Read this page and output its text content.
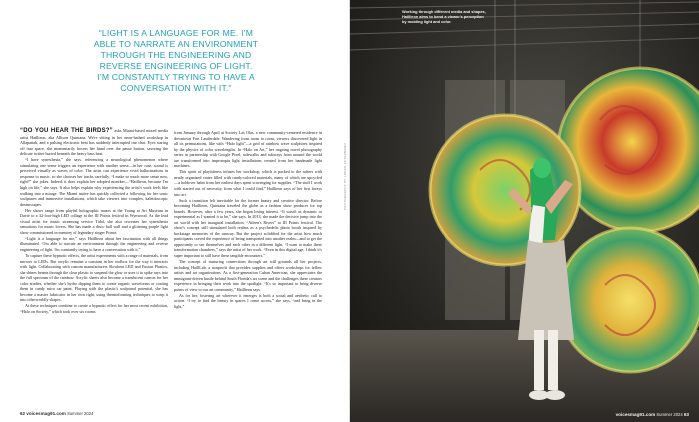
“LIGHT IS A LANGUAGE FOR ME. I’M
ABLE TO NARRATE AN ENVIRONMENT
THROUGH THE ENGINEERING AND
REVERSE ENGINEERING OF LIGHT.
I’M CONSTANTLY TRYING TO HAVE A
CONVERSATION WITH IT.”

“DO YOU HEAR THE BIRDS?” asks Miami-based mixed media artist Haillieon, aka Allison Quintana. We're sitting in her neon-bathed workshop in Allapattah, and a pulsing electronic beat has suddenly interrupted our chat. Eyes staring off into space, she momentarily hovers her hand over the pause button, savoring the delicate twitter buried beneath the heavy bass beat.

“I have synesthesia,” she says, referencing a neurological phenomenon where stimulating one sense triggers an experience with another sense—in her case, sound is perceived visually as waves of color. The artist can experience vivid hallucinations in response to music, so she chooses her tracks carefully. “I make so much more sense now, right?” she jokes. Indeed, it does explain her adopted moniker—“Haillieon, because I'm high on life,” she says. It also helps explain why experiencing the artist's work feels like walking into a mirage. The Miami native has quickly collected a following for her sonic sculptures and immersive installations, which take viewers into complex, kaleidoscopic dreamscapes.

Her shows range from playful holographic mazes at the Young at Art Museum in Davie to a 32-foot-high LED collage at the III Points festival in Wynwood. As the lead visual artist for music streaming service Tidal, she also recreates her synesthesia sensations for music lovers. She has made a disco ball wall and a glittering purple light show commissioned in memory of legendary singer Prince.

“Light is a language for me,” says Haillieon about her fascination with all things illuminated. “I'm able to narrate an environment through the engineering and reverse engineering of light. I'm constantly trying to have a conversation with it.”

To capture these hypnotic effects, the artist experiments with a range of materials, from mirrors to LEDs. But acrylic remains a constant in her toolbox for the way it interacts with light. Collaborating with custom manufacturers Slowbeat LED and Fusion Plastics, she shines beams through the clear plastic to suspend the glow or uses it to spike rays into the full spectrum of the rainbow. Acrylic sheets also become a translucent canvas for her color studies, whether she's hydro dipping them to create organic waveforms or coating them in candy mica car paint. Playing with the plastic's sculptural potential, she has become a master fabricator in her own right, using thermoforming techniques to warp it into otherworldly shapes.

At these techniques combine to create a hypnotic effect for her most recent exhibition, “Halo on Society,” which took over six rooms

from January through April at Society Las Olas, a new community-centered residence in downtown Fort Lauderdale. Wandering from room to room, viewers discovered light in all its permutations, like with “Halo light”—a grid of rainbow wave sculptures inspired by the physics of color wavelengths. In “Halo on Art,” her ongoing travel photography series in partnership with Google Pixel, sidewalks and subways from around the world are transformed into impromptu light installations created from her handmade light machines.

This spirit of playfulness infuses her workshop, which is packed to the rafters with neatly organized crates filled with candy-colored materials, many of which are upcycled—a holdover habit from her earliest days spent scavenging for supplies. “The stuff I work with started out of necessity, from what I could find,” Haillieon says of her first forays into art.

Such a transition felt inevitable for the former beauty and creative director. Before becoming Haillieon, Quintana traveled the globe as a fashion show producer for top brands. However, after a few years, she began losing interest. “It wasn't as dynamic or experimental as I wanted it to be,” she says. In 2013, she made the decisive jump into the art world with her inaugural installation, “Aileen's Rivers” at III Points festival. The show's concept still stimulated both realms as a psychedelic photo booth inspired by backstage memories of the runway. But the project solidified for the artist how much participants craved the experience of being transported into another realm—and to get the opportunity to see themselves and each other in a different light. “I want to make these transformation chambers,” says the artist of her work. “Even in this digital age, I think it's super important to still have these tangible encounters.”

The concept of nurturing connections through art still grounds all her projects, including HaillLab, a nonprofit that provides supplies and offers workshops for fellow artists and art organizations. As a first-generation Cuban American, she appreciates the immigrant-driven hustle behind South Florida's art scene and the challenges these creators experience in bringing their work into the spotlight. “It's so important to bring diverse points of view to our art community,” Haillieon says.

As for her, fostering art wherever it emerges is both a social and aesthetic call to action. “I try to find the beauty in spaces I come across,” she says, “and bring in the light.”

62 voicesmag91.com Summer 2024
PHOTOGRAPHY BY LOREN PETERMANN
Working through different media and shapes, Haillieon aims to bend a viewer's perception by molding light and color.
voicesmag91.com Summer 2024 63
